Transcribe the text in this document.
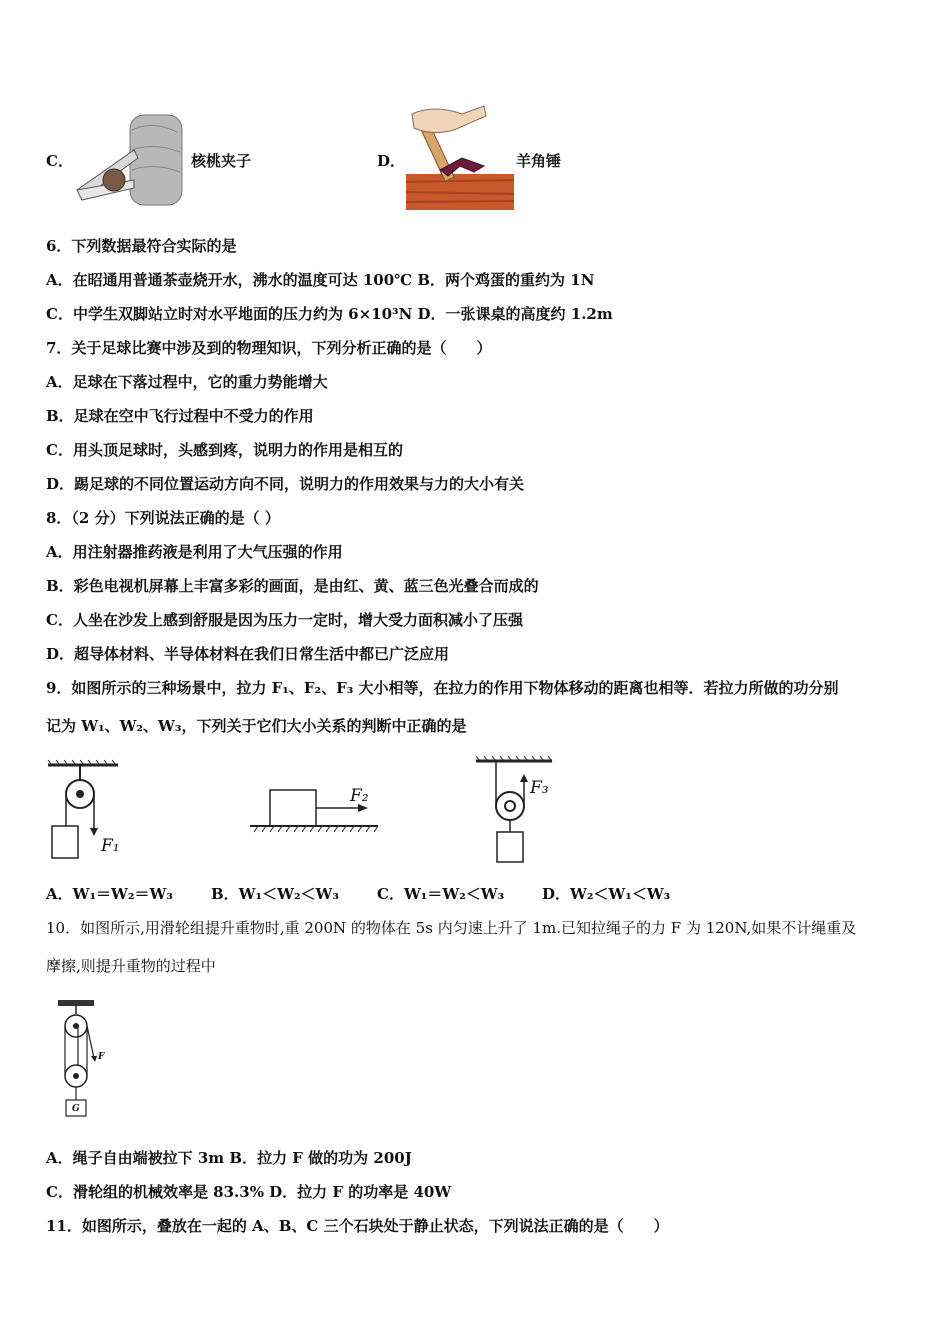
C．	核桃夹子	D．	羊角锤
6．下列数据最符合实际的是
A．在昭通用普通茶壶烧开水，沸水的温度可达 100℃ B．两个鸡蛋的重约为 1N
C．中学生双脚站立时对水平地面的压力约为 6×10³N D．一张课桌的高度约 1.2m
7．关于足球比赛中涉及到的物理知识，下列分析正确的是（　　）
A．足球在下落过程中，它的重力势能增大
B．足球在空中飞行过程中不受力的作用
C．用头顶足球时，头感到疼，说明力的作用是相互的
D．踢足球的不同位置运动方向不同，说明力的作用效果与力的大小有关
8．（2 分）下列说法正确的是（ ）
A．用注射器推药液是利用了大气压强的作用
B．彩色电视机屏幕上丰富多彩的画面，是由红、黄、蓝三色光叠合而成的
C．人坐在沙发上感到舒服是因为压力一定时，增大受力面积减小了压强
D．超导体材料、半导体材料在我们日常生活中都已广泛应用
9．如图所示的三种场景中，拉力 F₁、F₂、F₃ 大小相等，在拉力的作用下物体移动的距离也相等．若拉力所做的功分别
记为 W₁、W₂、W₃，下列关于它们大小关系的判断中正确的是
F₁
F₂	F₃
A．W₁＝W₂＝W₃	B．W₁＜W₂＜W₃	C．W₁＝W₂＜W₃	D．W₂＜W₁＜W₃
10．如图所示,用滑轮组提升重物时,重 200N 的物体在 5s 内匀速上升了 1m.已知拉绳子的力 F 为 120N,如果不计绳重及
摩擦,则提升重物的过程中
F
G
A．绳子自由端被拉下 3m B．拉力 F 做的功为 200J
C．滑轮组的机械效率是 83.3% D．拉力 F 的功率是 40W
11．如图所示，叠放在一起的 A、B、C 三个石块处于静止状态，下列说法正确的是（　　）
